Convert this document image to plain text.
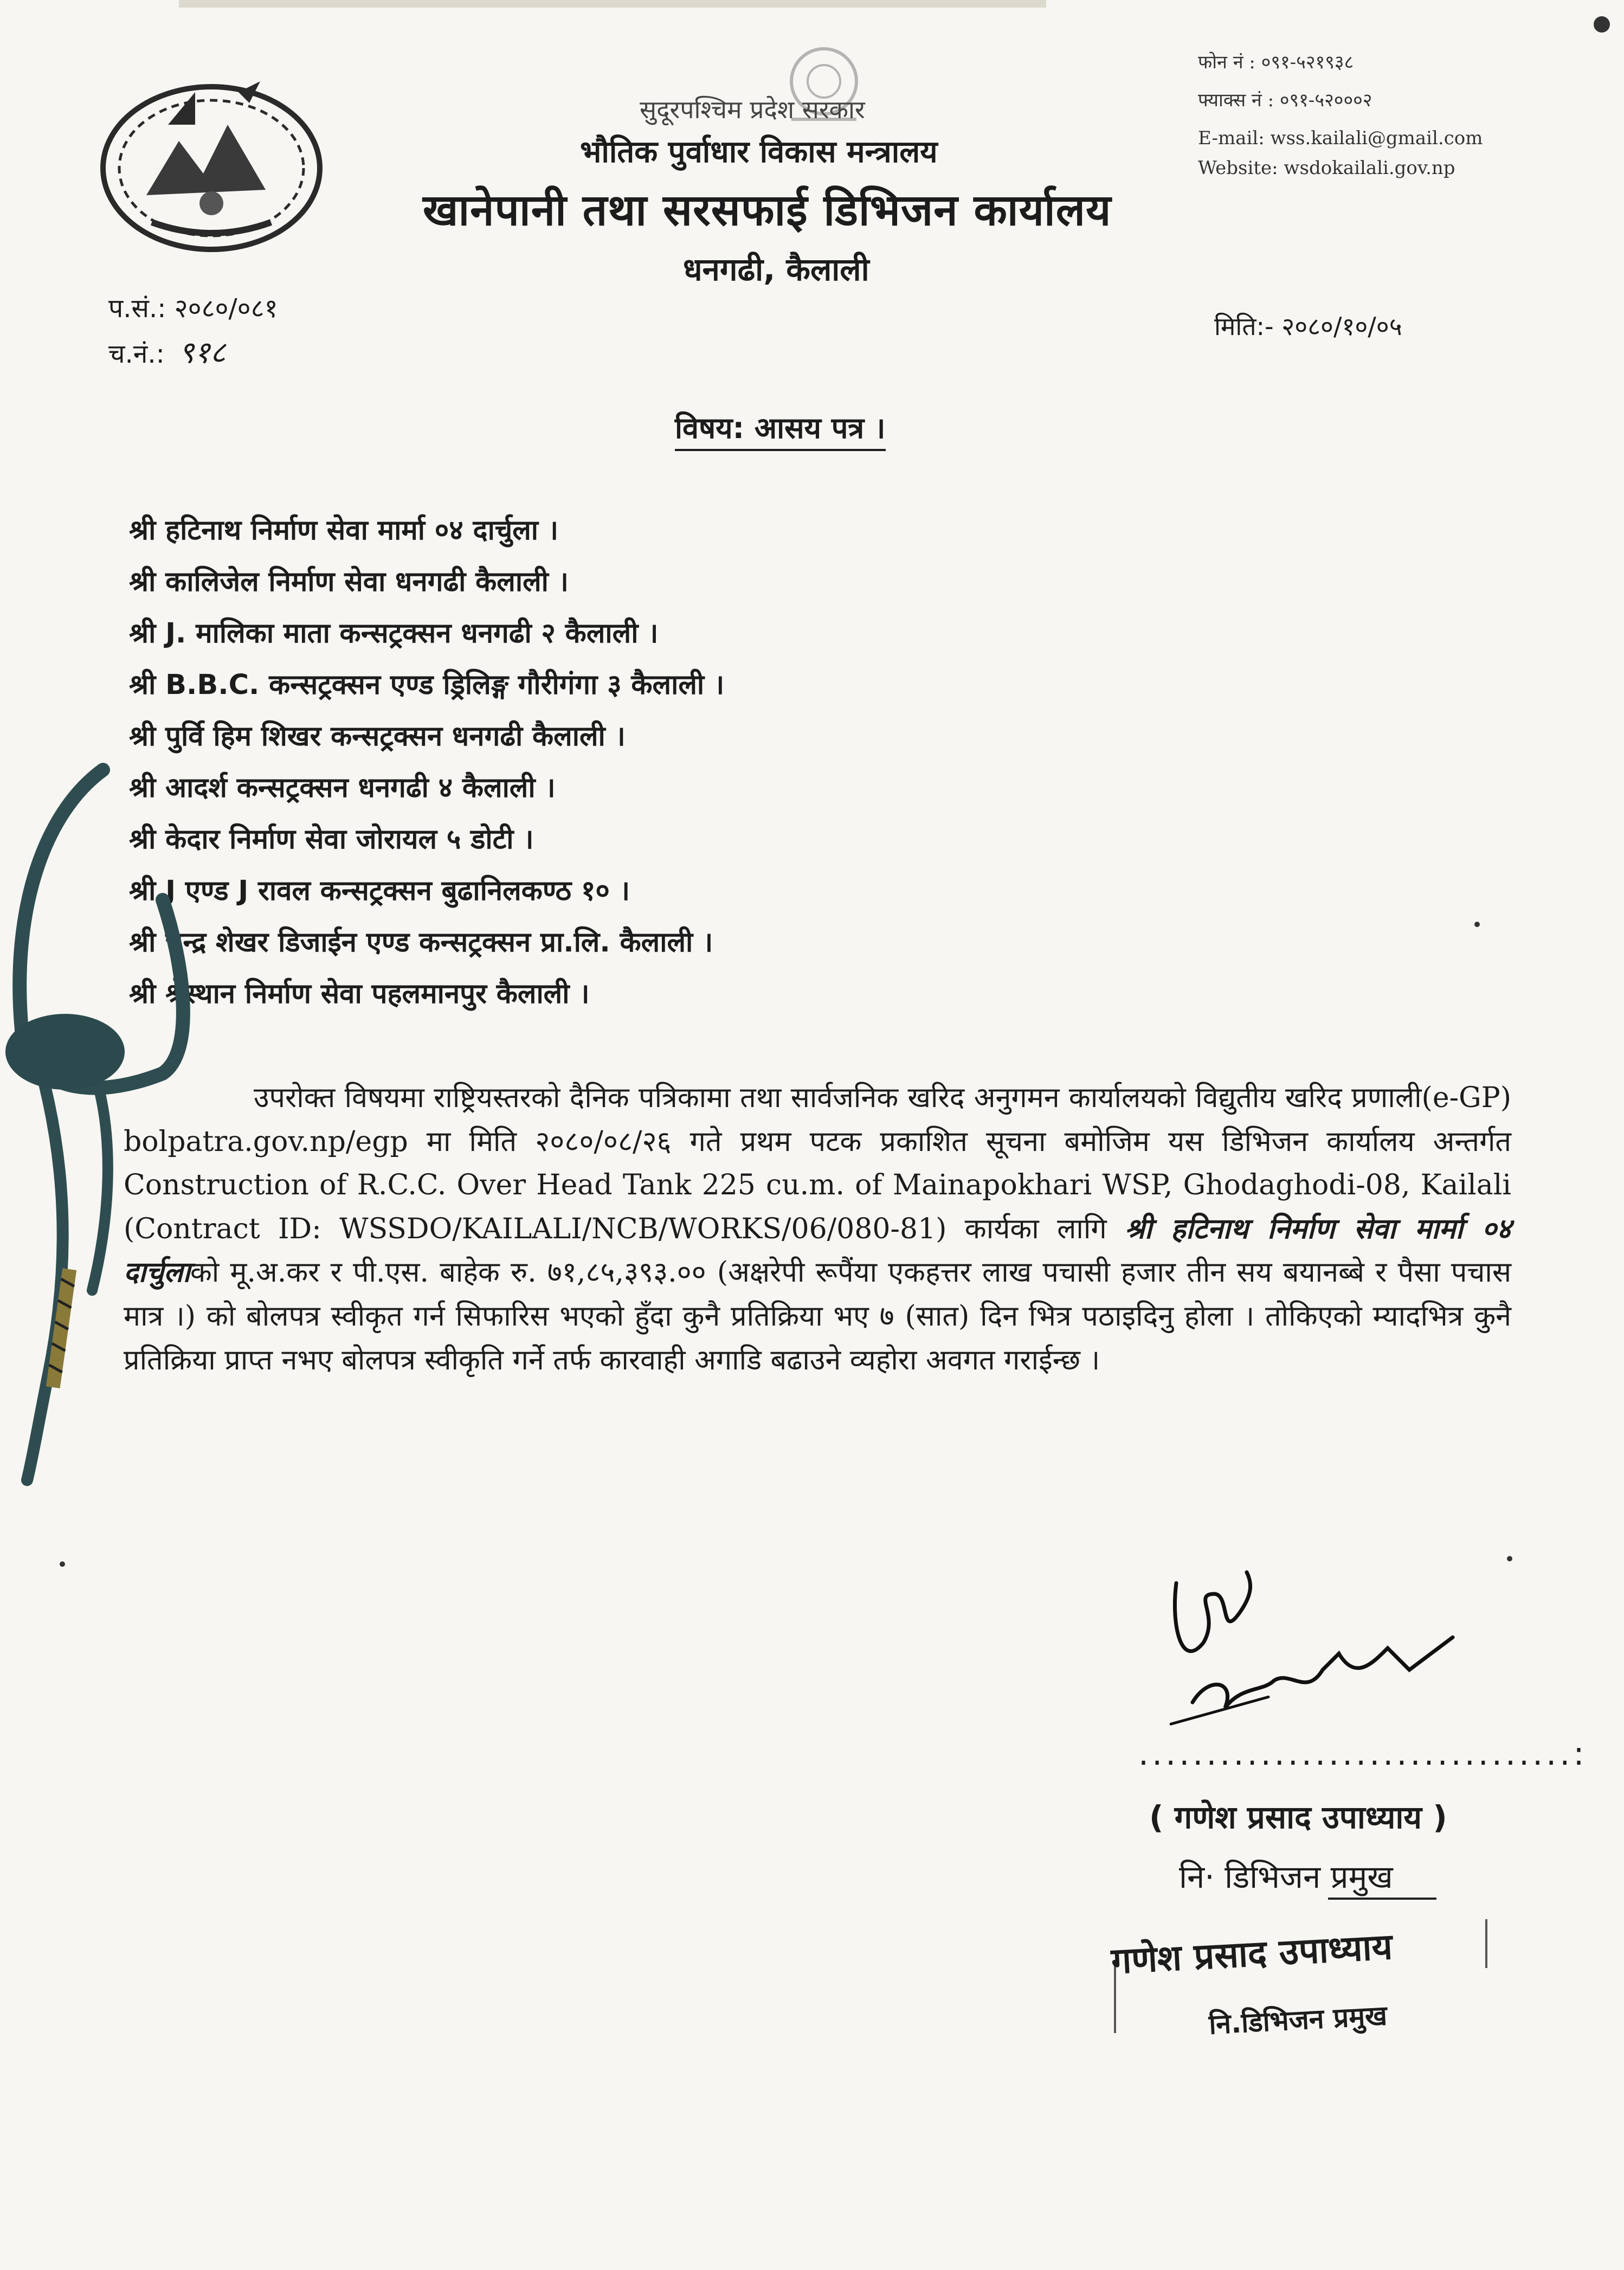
सुदूरपश्चिम प्रदेश सरकार
भौतिक पुर्वाधार विकास मन्त्रालय
खानेपानी तथा सरसफाई डिभिजन कार्यालय
धनगढी, कैलाली
फोन नं : ०९१-५२१९३८
फ्याक्स नं : ०९१-५२०००२
E-mail: wss.kailali@gmail.com
Website: wsdokailali.gov.np
प.सं.: २०८०/०८१
च.नं.: ९१८
मिति:- २०८०/१०/०५
विषय: आसय पत्र ।
श्री हटिनाथ निर्माण सेवा मार्मा ०४ दार्चुला ।
श्री कालिजेल निर्माण सेवा धनगढी कैलाली ।
श्री J. मालिका माता कन्सट्रक्सन धनगढी २ कैलाली ।
श्री B.B.C. कन्सट्रक्सन एण्ड ड्रिलिङ्ग गौरीगंगा ३ कैलाली ।
श्री पुर्वि हिम शिखर कन्सट्रक्सन धनगढी कैलाली ।
श्री आदर्श कन्सट्रक्सन धनगढी ४ कैलाली ।
श्री केदार निर्माण सेवा जोरायल ५ डोटी ।
श्री J एण्ड J रावल कन्सट्रक्सन बुढानिलकण्ठ १० ।
श्री चन्द्र शेखर डिजाईन एण्ड कन्सट्रक्सन प्रा.लि. कैलाली ।
श्री श्रेस्थान निर्माण सेवा पहलमानपुर कैलाली ।

उपरोक्त विषयमा राष्ट्रियस्तरको दैनिक पत्रिकामा तथा सार्वजनिक खरिद अनुगमन कार्यालयको विद्युतीय खरिद प्रणाली(e-GP) bolpatra.gov.np/egp मा मिति २०८०/०८/२६ गते प्रथम पटक प्रकाशित सूचना बमोजिम यस डिभिजन कार्यालय अन्तर्गत Construction of R.C.C. Over Head Tank 225 cu.m. of Mainapokhari WSP, Ghodaghodi-08, Kailali (Contract ID: WSSDO/KAILALI/NCB/WORKS/06/080-81) कार्यका लागि श्री हटिनाथ निर्माण सेवा मार्मा ०४ दार्चुलाको मू.अ.कर र पी.एस. बाहेक रु. ७१,८५,३९३.०० (अक्षरेपी रूपैंया एकहत्तर लाख पचासी हजार तीन सय बयानब्बे र पैसा पचास मात्र ।) को बोलपत्र स्वीकृत गर्न सिफारिस भएको हुँदा कुनै प्रतिक्रिया भए ७ (सात) दिन भित्र पठाइदिनु होला । तोकिएको म्यादभित्र कुनै प्रतिक्रिया प्राप्त नभए बोलपत्र स्वीकृति गर्ने तर्फ कारवाही अगाडि बढाउने व्यहोरा अवगत गराईन्छ ।

................................:
( गणेश प्रसाद उपाध्याय )
नि· डिभिजन प्रमुख
गणेश प्रसाद उपाध्याय
नि.डिभिजन प्रमुख
